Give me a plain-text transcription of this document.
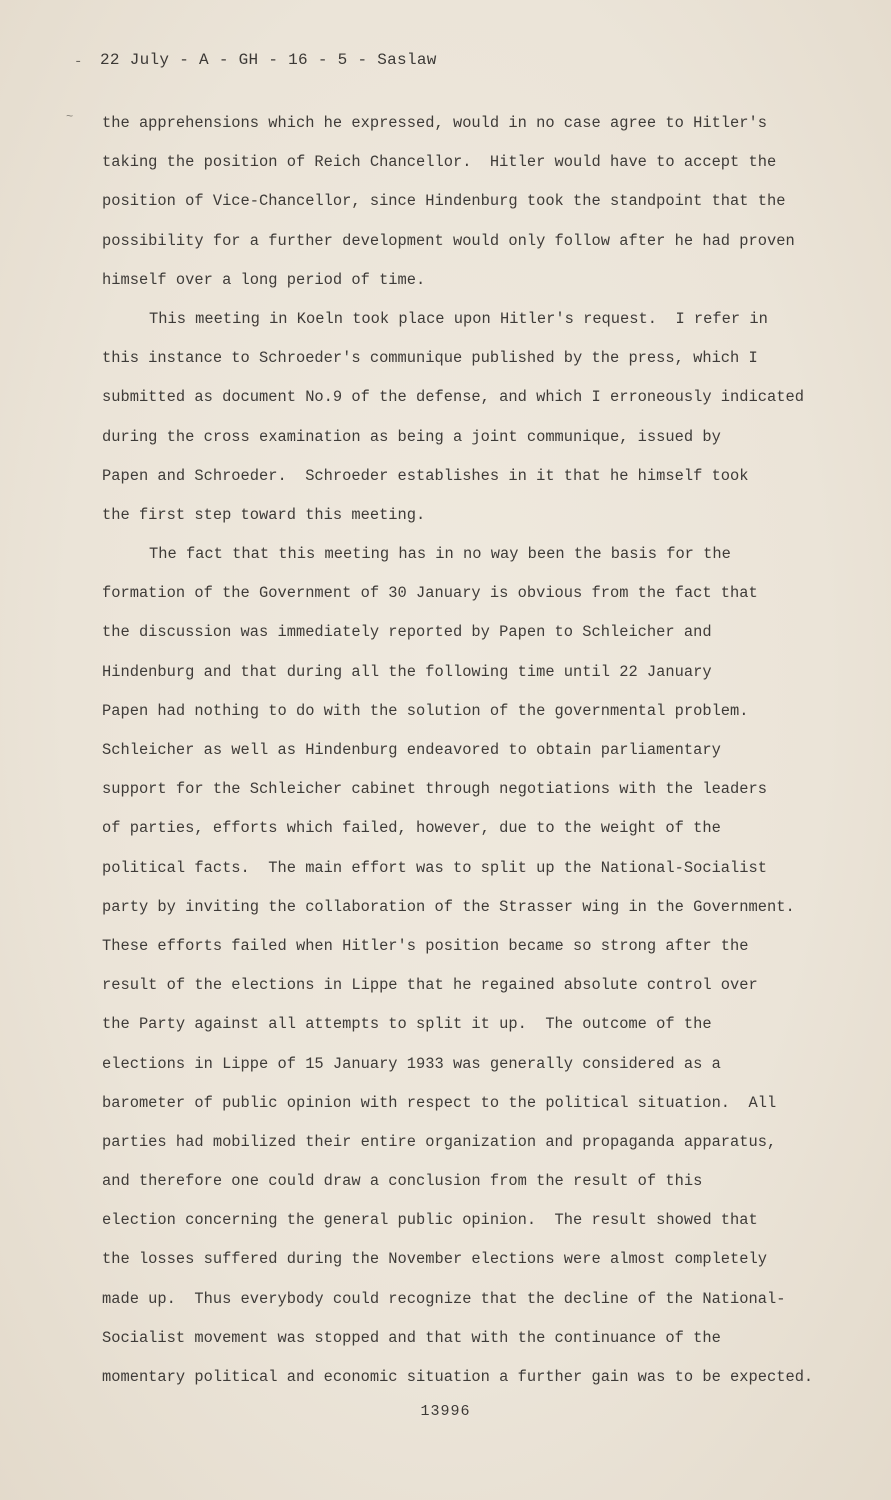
- 22 July - A - GH - 16 - 5 - Saslaw
~ the apprehensions which he expressed, would in no case agree to Hitler's
taking the position of Reich Chancellor.  Hitler would have to accept the
position of Vice-Chancellor, since Hindenburg took the standpoint that the
possibility for a further development would only follow after he had proven
himself over a long period of time.
This meeting in Koeln took place upon Hitler's request.  I refer in
this instance to Schroeder's communique published by the press, which I
submitted as document No.9 of the defense, and which I erroneously indicated
during the cross examination as being a joint communique, issued by
Papen and Schroeder.  Schroeder establishes in it that he himself took
the first step toward this meeting.
The fact that this meeting has in no way been the basis for the
formation of the Government of 30 January is obvious from the fact that
the discussion was immediately reported by Papen to Schleicher and
Hindenburg and that during all the following time until 22 January
Papen had nothing to do with the solution of the governmental problem.
Schleicher as well as Hindenburg endeavored to obtain parliamentary
support for the Schleicher cabinet through negotiations with the leaders
of parties, efforts which failed, however, due to the weight of the
political facts.  The main effort was to split up the National-Socialist
party by inviting the collaboration of the Strasser wing in the Government.
These efforts failed when Hitler's position became so strong after the
result of the elections in Lippe that he regained absolute control over
the Party against all attempts to split it up.  The outcome of the
elections in Lippe of 15 January 1933 was generally considered as a
barometer of public opinion with respect to the political situation.  All
parties had mobilized their entire organization and propaganda apparatus,
and therefore one could draw a conclusion from the result of this
election concerning the general public opinion.  The result showed that
the losses suffered during the November elections were almost completely
made up.  Thus everybody could recognize that the decline of the National-
Socialist movement was stopped and that with the continuance of the
momentary political and economic situation a further gain was to be expected.
13996
